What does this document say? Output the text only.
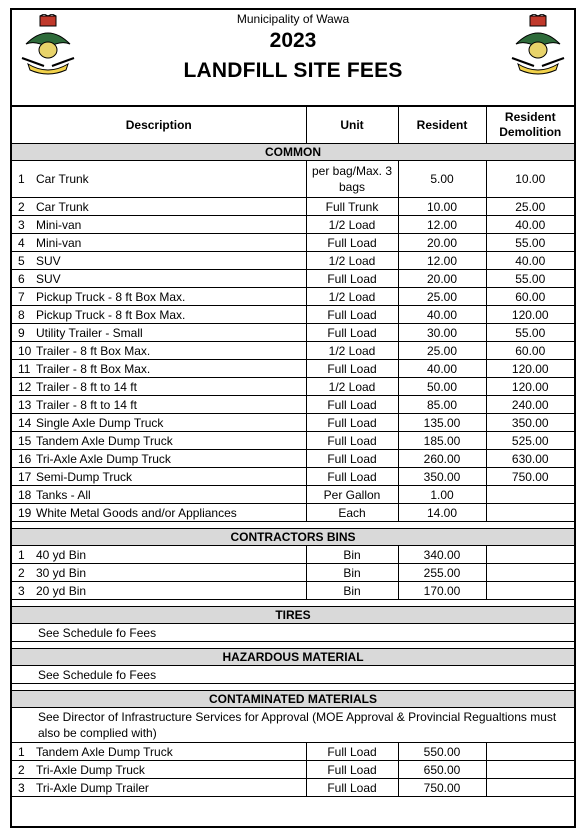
Municipality of Wawa
2023
LANDFILL SITE FEES
Description	Unit	Resident	Resident Demolition
COMMON			
1 Car Trunk	per bag/Max. 3 bags	5.00	10.00
2 Car Trunk	Full Trunk	10.00	25.00
3 Mini-van	1/2 Load	12.00	40.00
4 Mini-van	Full Load	20.00	55.00
5 SUV	1/2 Load	12.00	40.00
6 SUV	Full Load	20.00	55.00
7 Pickup Truck - 8 ft Box Max.	1/2 Load	25.00	60.00
8 Pickup Truck - 8 ft Box Max.	Full Load	40.00	120.00
9 Utility Trailer - Small	Full Load	30.00	55.00
10 Trailer - 8 ft Box Max.	1/2 Load	25.00	60.00
11 Trailer - 8 ft Box Max.	Full Load	40.00	120.00
12 Trailer - 8 ft to 14 ft	1/2 Load	50.00	120.00
13 Trailer - 8 ft to 14 ft	Full Load	85.00	240.00
14 Single Axle Dump Truck	Full Load	135.00	350.00
15 Tandem Axle Dump Truck	Full Load	185.00	525.00
16 Tri-Axle Axle Dump Truck	Full Load	260.00	630.00
17 Semi-Dump Truck	Full Load	350.00	750.00
18 Tanks - All	Per Gallon	1.00	
19 White Metal Goods and/or Appliances	Each	14.00	

CONTRACTORS BINS			
1 40 yd Bin	Bin	340.00	
2 30 yd Bin	Bin	255.00	
3 20 yd Bin	Bin	170.00	

TIRES			
See Schedule fo Fees			

HAZARDOUS MATERIAL			
See Schedule fo Fees			

CONTAMINATED MATERIALS			
See Director of Infrastructure Services for Approval (MOE Approval & Provincial Regualtions must also be complied with)			
1 Tandem Axle Dump Truck	Full Load	550.00	
2 Tri-Axle Dump Truck	Full Load	650.00	
3 Tri-Axle Dump Trailer	Full Load	750.00	
